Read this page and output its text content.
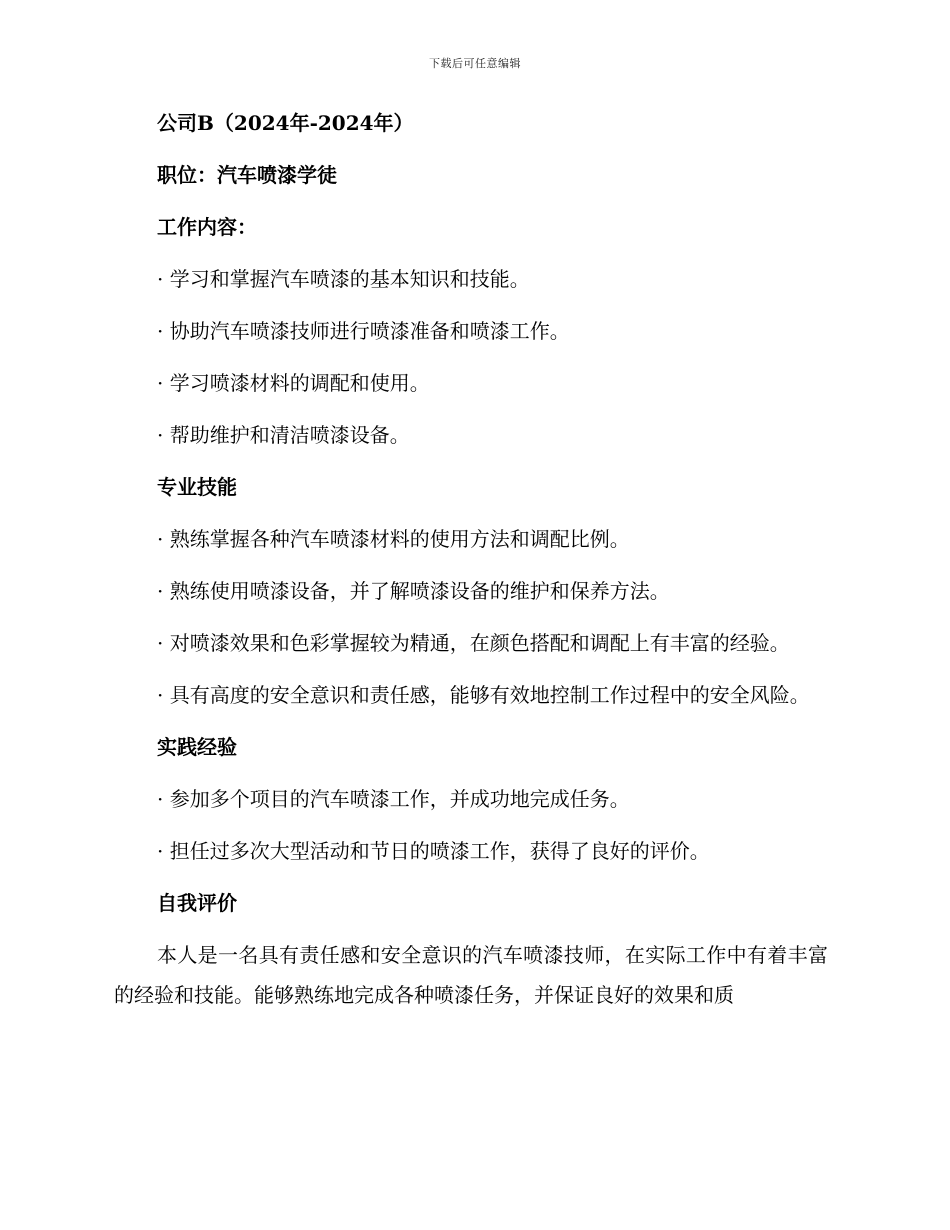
下载后可任意编辑
公司B（2024年-2024年）
职位：汽车喷漆学徒
工作内容：
· 学习和掌握汽车喷漆的基本知识和技能。
· 协助汽车喷漆技师进行喷漆准备和喷漆工作。
· 学习喷漆材料的调配和使用。
· 帮助维护和清洁喷漆设备。
专业技能
· 熟练掌握各种汽车喷漆材料的使用方法和调配比例。
· 熟练使用喷漆设备，并了解喷漆设备的维护和保养方法。
· 对喷漆效果和色彩掌握较为精通，在颜色搭配和调配上有丰富的经验。
· 具有高度的安全意识和责任感，能够有效地控制工作过程中的安全风险。
实践经验
· 参加多个项目的汽车喷漆工作，并成功地完成任务。
· 担任过多次大型活动和节日的喷漆工作，获得了良好的评价。
自我评价
本人是一名具有责任感和安全意识的汽车喷漆技师，在实际工作中有着丰富的经验和技能。能够熟练地完成各种喷漆任务，并保证良好的效果和质
